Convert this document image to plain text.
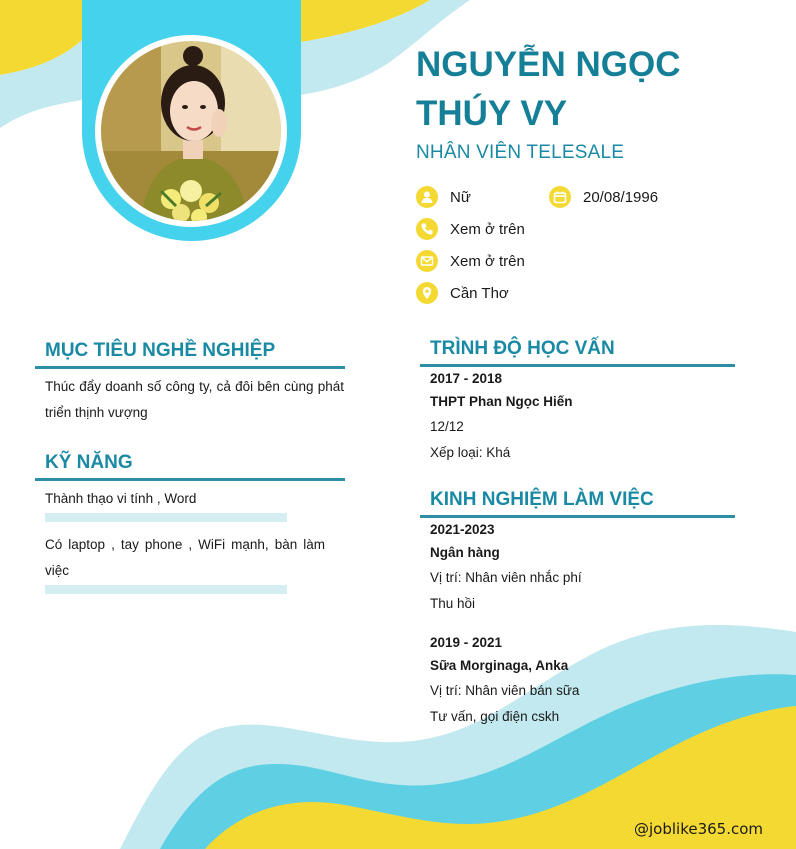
NGUYỄN NGỌC
THÚY VY
NHÂN VIÊN TELESALE
Nữ	20/08/1996
Xem ở trên
Xem ở trên
Cần Thơ
MỤC TIÊU NGHỀ NGHIỆP

Thúc đẩy doanh số công ty, cả đôi bên cùng phát triển thịnh vượng

KỸ NĂNG

Thành thạo vi tính , Word

Có laptop , tay phone , WiFi mạnh, bàn làm việc

TRÌNH ĐỘ HỌC VẤN

2017 - 2018

THPT Phan Ngọc Hiến

12/12

Xếp loại: Khá

KINH NGHIỆM LÀM VIỆC

2021-2023

Ngân hàng

Vị trí: Nhân viên nhắc phí

Thu hồi

2019 - 2021

Sữa Morginaga, Anka

Vị trí: Nhân viên bán sữa

Tư vấn, gọi điện cskh

@joblike365.com
